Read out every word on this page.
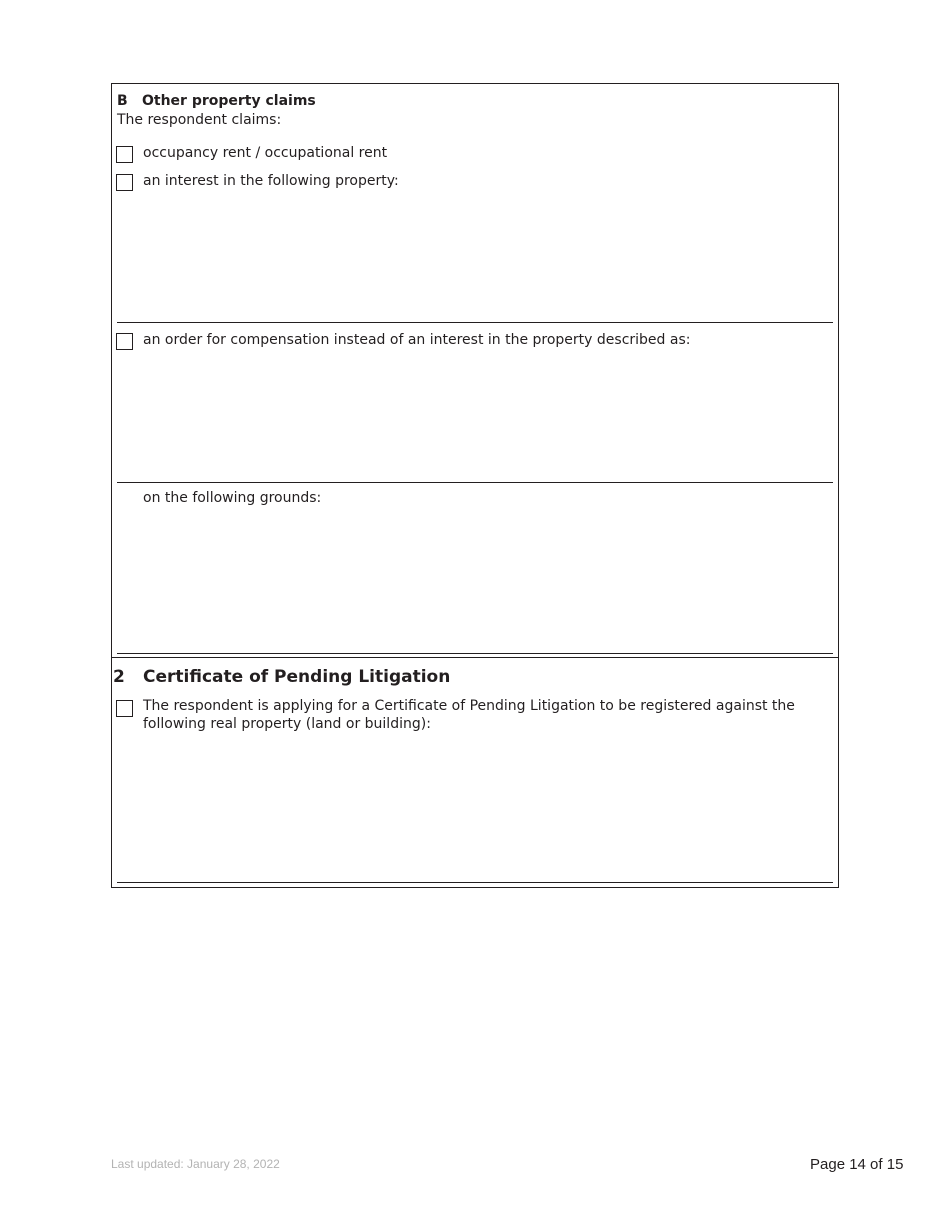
B Other property claims
The respondent claims:
occupancy rent / occupational rent
an interest in the following property:
an order for compensation instead of an interest in the property described as:
on the following grounds:
2 Certificate of Pending Litigation
The respondent is applying for a Certificate of Pending Litigation to be registered against the following real property (land or building):
Last updated: January 28, 2022	Page 14 of 15
